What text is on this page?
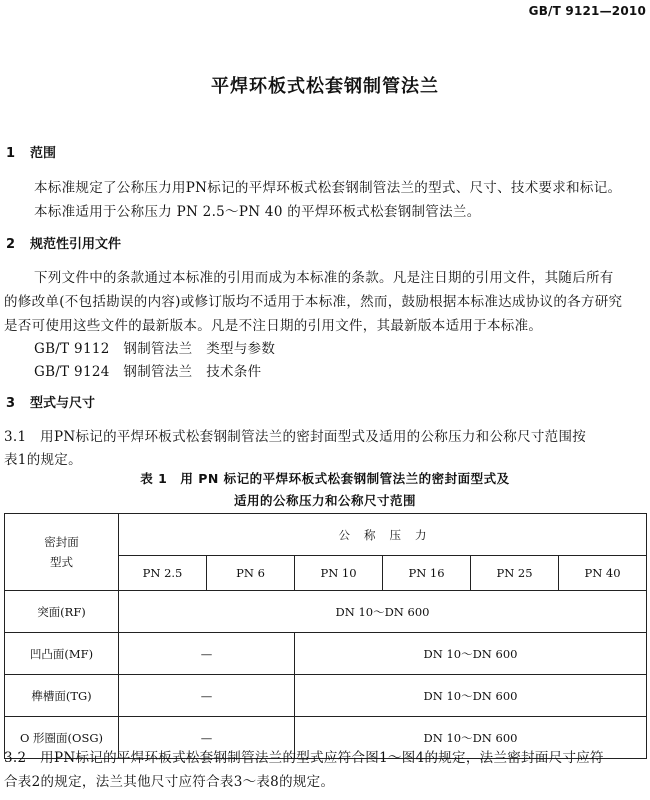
GB/T 9121—2010
平焊环板式松套钢制管法兰
1 范围
本标准规定了公称压力用PN标记的平焊环板式松套钢制管法兰的型式、尺寸、技术要求和标记。
本标准适用于公称压力 PN 2.5～PN 40 的平焊环板式松套钢制管法兰。
2 规范性引用文件
下列文件中的条款通过本标准的引用而成为本标准的条款。凡是注日期的引用文件，其随后所有
的修改单(不包括勘误的内容)或修订版均不适用于本标准，然而，鼓励根据本标准达成协议的各方研究
是否可使用这些文件的最新版本。凡是不注日期的引用文件，其最新版本适用于本标准。
GB/T 9112　 钢制管法兰　类型与参数
GB/T 9124　 钢制管法兰　技术条件
3 型式与尺寸
3.1　用PN标记的平焊环板式松套钢制管法兰的密封面型式及适用的公称压力和公称尺寸范围按
表1的规定。
表 1　用 PN 标记的平焊环板式松套钢制管法兰的密封面型式及
适用的公称压力和公称尺寸范围
密封面
型式	公称压力					
	PN 2.5	PN 6	PN 10	PN 16	PN 25	PN 40
突面(RF)	DN 10～DN 600					
凹凸面(MF)	—		DN 10～DN 600			
榫槽面(TG)	—		DN 10～DN 600			
O 形圈面(OSG)	—		DN 10～DN 600			
3.2　用PN标记的平焊环板式松套钢制管法兰的型式应符合图1～图4的规定，法兰密封面尺寸应符
合表2的规定，法兰其他尺寸应符合表3～表8的规定。
